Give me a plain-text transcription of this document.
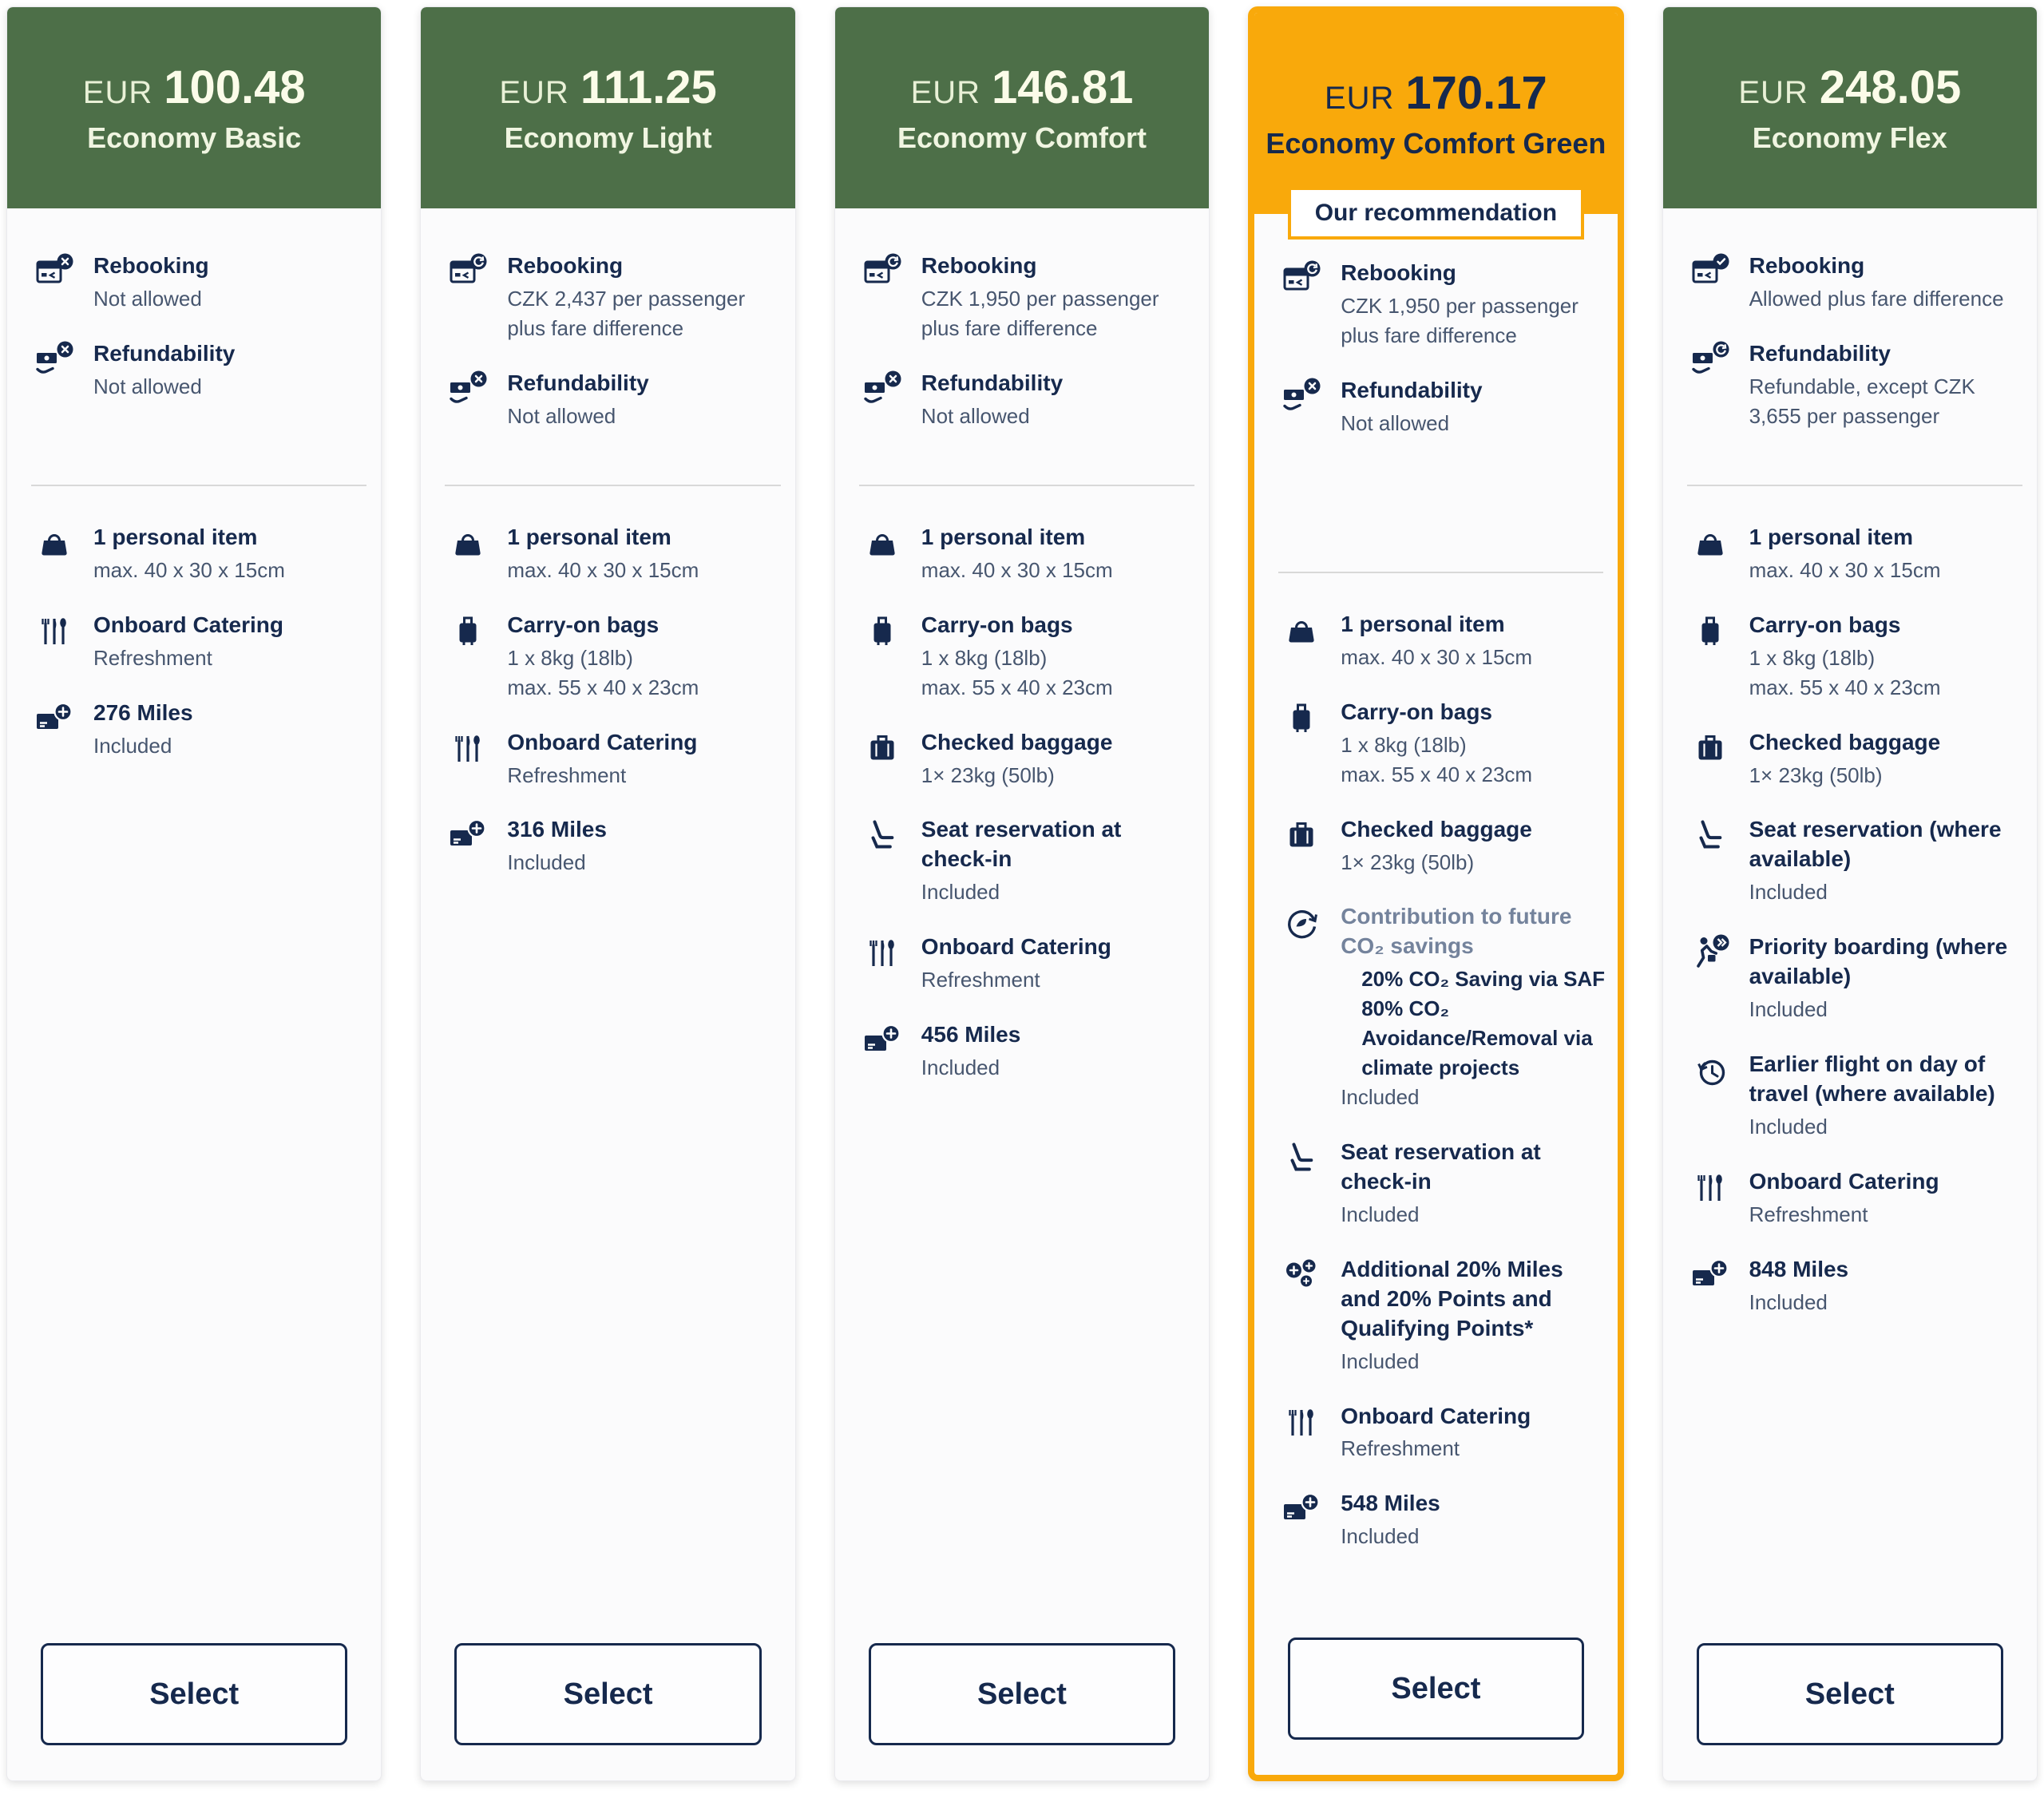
EUR 100.48
Economy Basic
Rebooking
Not allowed
Refundability
Not allowed
1 personal item
max. 40 x 30 x 15cm
Onboard Catering
Refreshment
276 Miles
Included
Select
EUR 111.25
Economy Light
Rebooking
CZK 2,437 per passenger plus fare difference
Refundability
Not allowed
1 personal item
max. 40 x 30 x 15cm
Carry-on bags
1 x 8kg (18lb)
max. 55 x 40 x 23cm
Onboard Catering
Refreshment
316 Miles
Included
Select
EUR 146.81
Economy Comfort
Rebooking
CZK 1,950 per passenger plus fare difference
Refundability
Not allowed
1 personal item
max. 40 x 30 x 15cm
Carry-on bags
1 x 8kg (18lb)
max. 55 x 40 x 23cm
Checked baggage
1× 23kg (50lb)
Seat reservation at check-in
Included
Onboard Catering
Refreshment
456 Miles
Included
Select
EUR 170.17
Economy Comfort Green
Our recommendation
Rebooking
CZK 1,950 per passenger plus fare difference
Refundability
Not allowed
1 personal item
max. 40 x 30 x 15cm
Carry-on bags
1 x 8kg (18lb)
max. 55 x 40 x 23cm
Checked baggage
1× 23kg (50lb)
Contribution to future CO₂ savings
20% CO₂ Saving via SAF
80% CO₂ Avoidance/Removal via climate projects
Included
Seat reservation at check-in
Included
Additional 20% Miles and 20% Points and Qualifying Points*
Included
Onboard Catering
Refreshment
548 Miles
Included
Select
EUR 248.05
Economy Flex
Rebooking
Allowed plus fare difference
Refundability
Refundable, except CZK 3,655 per passenger
1 personal item
max. 40 x 30 x 15cm
Carry-on bags
1 x 8kg (18lb)
max. 55 x 40 x 23cm
Checked baggage
1× 23kg (50lb)
Seat reservation (where available)
Included
Priority boarding (where available)
Included
Earlier flight on day of travel (where available)
Included
Onboard Catering
Refreshment
848 Miles
Included
Select
